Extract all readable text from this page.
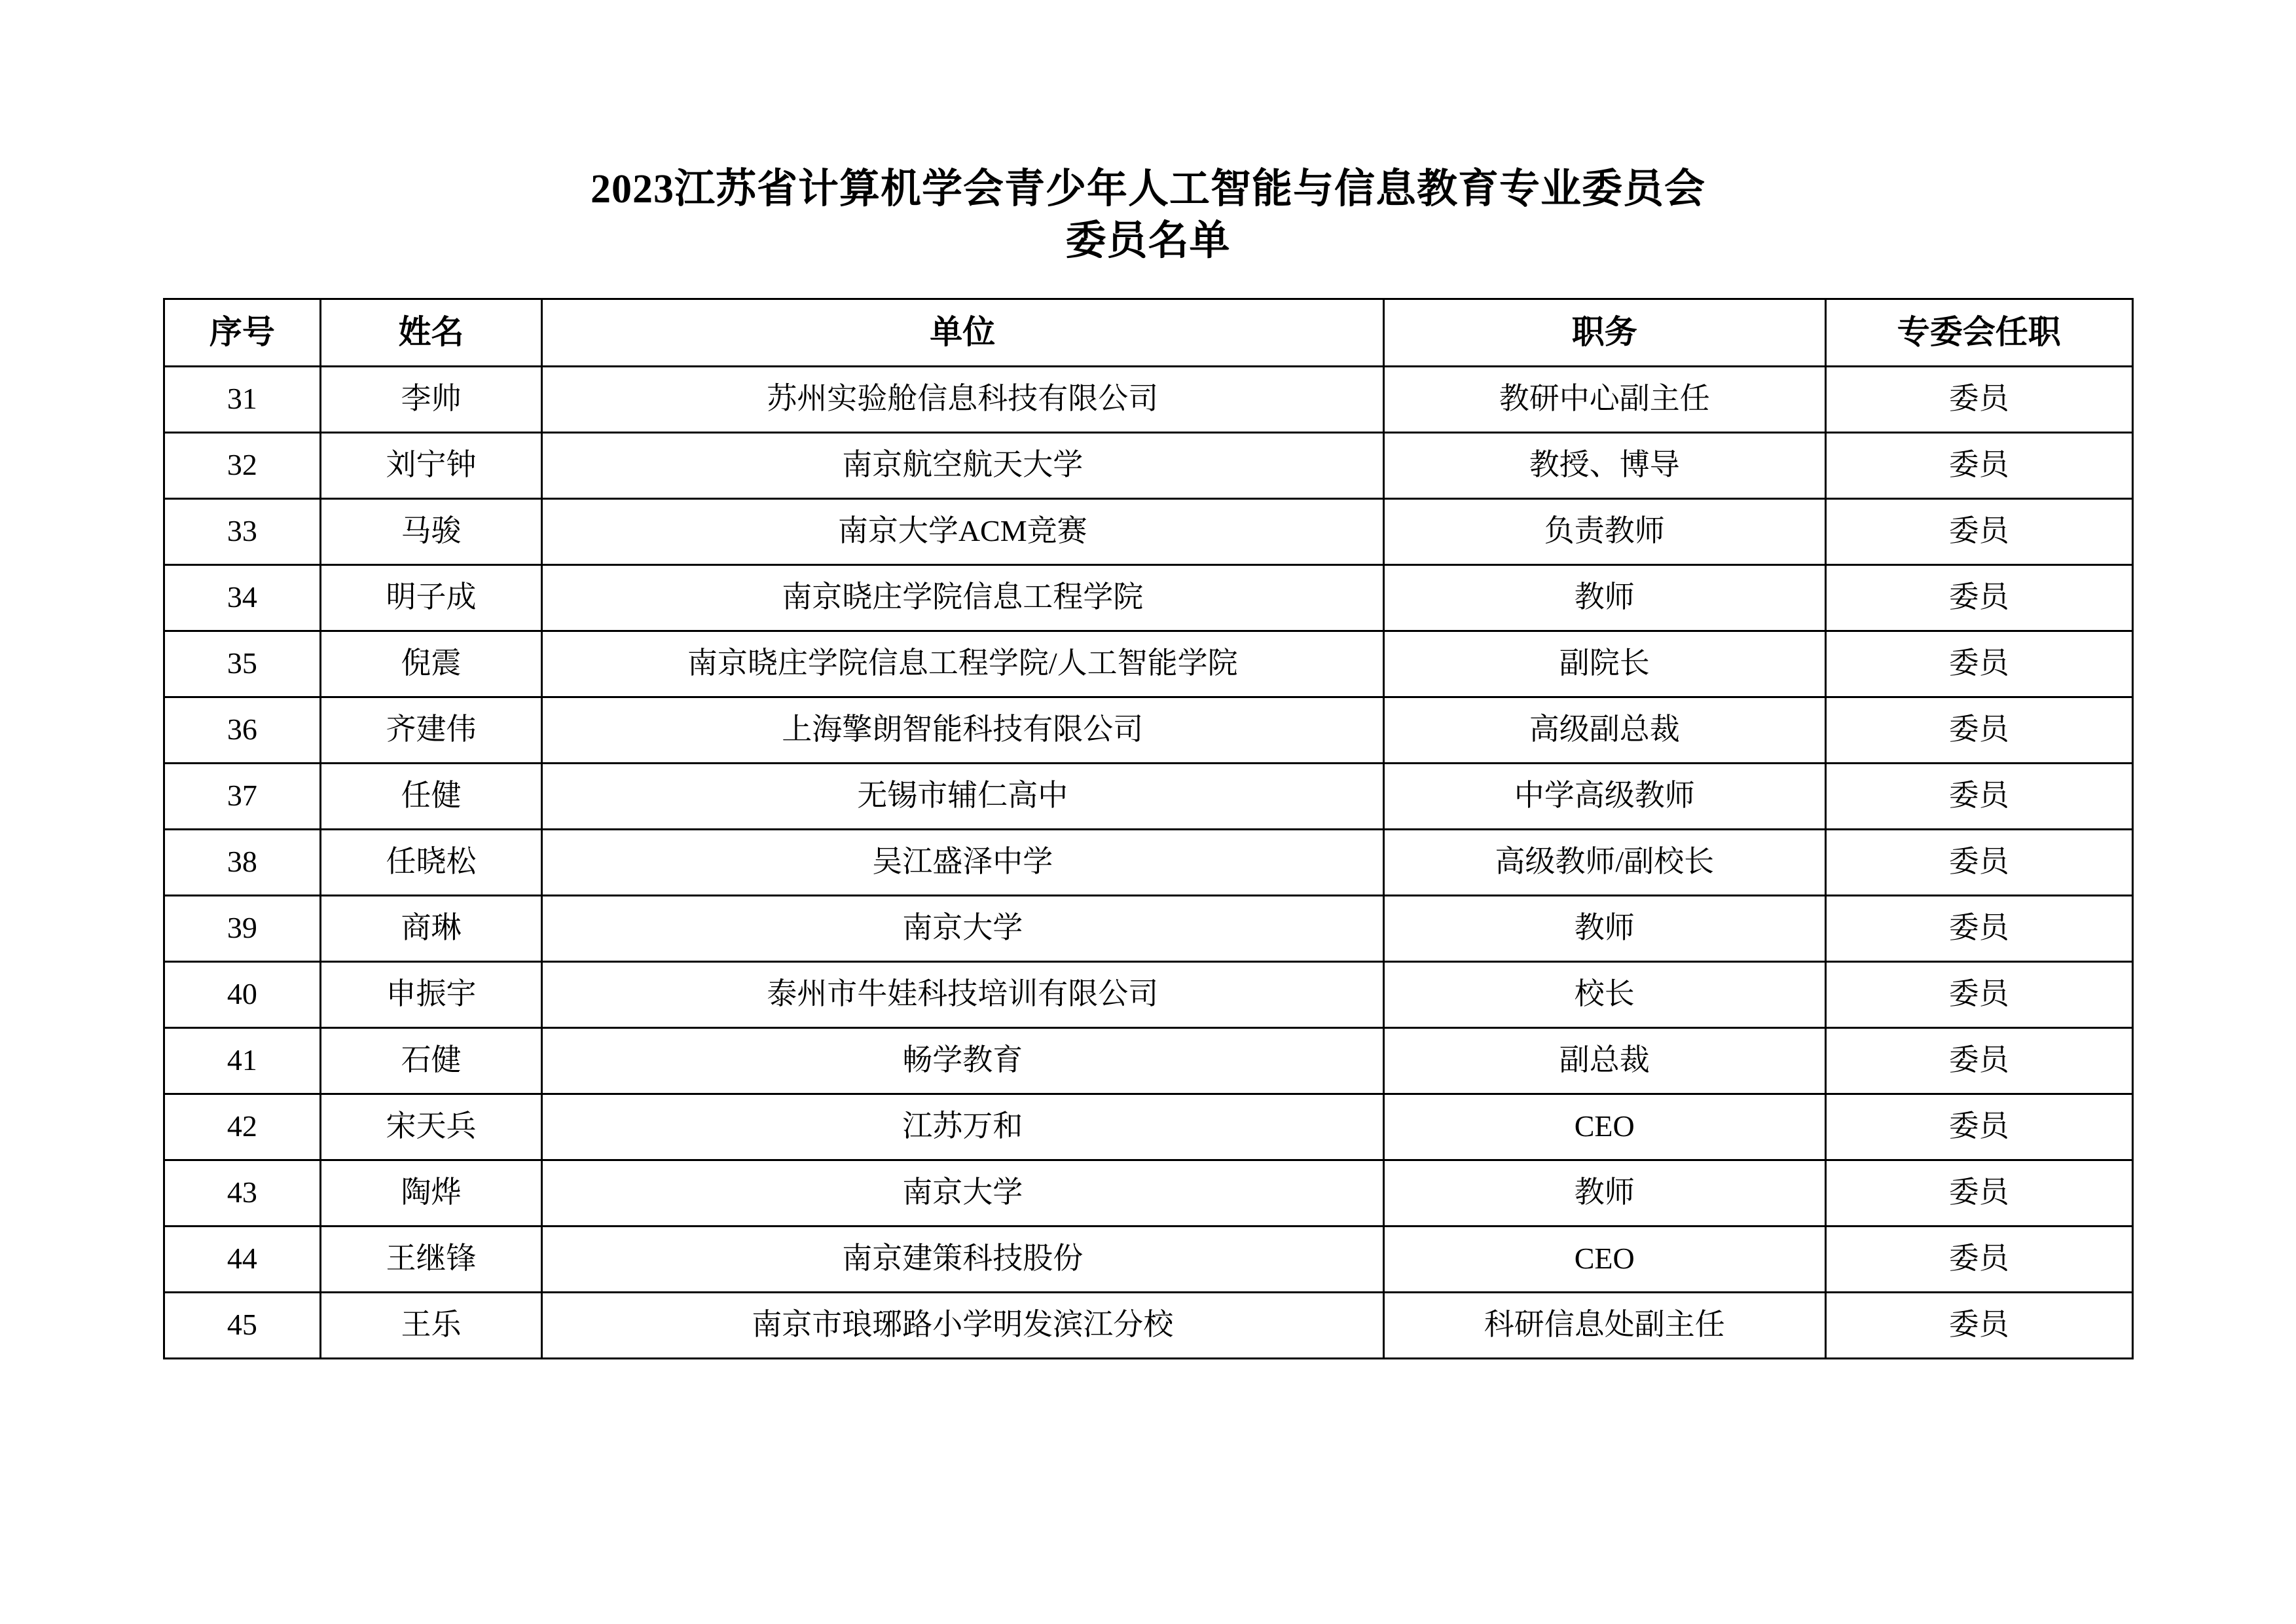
2023江苏省计算机学会青少年人工智能与信息教育专业委员会
委员名单
序号	姓名	单位	职务	专委会任职

31	李帅	苏州实验舱信息科技有限公司	教研中心副主任	委员

32	刘宁钟	南京航空航天大学	教授、博导	委员

33	马骏	南京大学ACM竞赛	负责教师	委员

34	明子成	南京晓庄学院信息工程学院	教师	委员

35	倪震	南京晓庄学院信息工程学院/人工智能学院	副院长	委员

36	齐建伟	上海擎朗智能科技有限公司	高级副总裁	委员

37	任健	无锡市辅仁高中	中学高级教师	委员

38	任晓松	吴江盛泽中学	高级教师/副校长	委员

39	商琳	南京大学	教师	委员

40	申振宇	泰州市牛娃科技培训有限公司	校长	委员

41	石健	畅学教育	副总裁	委员

42	宋天兵	江苏万和	CEO	委员

43	陶烨	南京大学	教师	委员

44	王继锋	南京建策科技股份	CEO	委员

45	王乐	南京市琅琊路小学明发滨江分校	科研信息处副主任	委员
